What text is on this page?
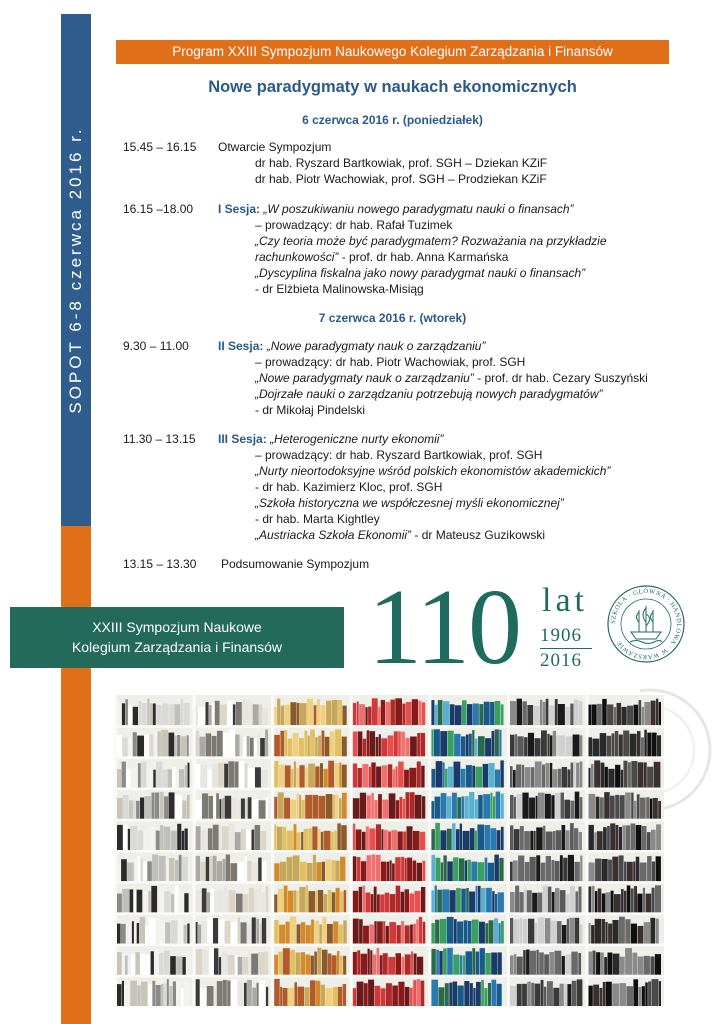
SOPOT 6-8 czerwca 2016 r.
Program XXIII Sympozjum Naukowego Kolegium Zarządzania i Finansów
Nowe paradygmaty w naukach ekonomicznych
6 czerwca 2016 r. (poniedziałek)
15.45 – 16.15 Otwarcie Sympozjum
dr hab. Ryszard Bartkowiak, prof. SGH – Dziekan KZiF
dr hab. Piotr Wachowiak, prof. SGH – Prodziekan KZiF
16.15 –18.00 I Sesja: „W poszukiwaniu nowego paradygmatu nauki o finansach”
– prowadzący: dr hab. Rafał Tuzimek
„Czy teoria może być paradygmatem? Rozważania na przykładzie
rachunkowości” - prof. dr hab. Anna Karmańska
„Dyscyplina fiskalna jako nowy paradygmat nauki o finansach”
- dr Elżbieta Malinowska-Misiąg
7 czerwca 2016 r. (wtorek)
9.30 – 11.00 II Sesja: „Nowe paradygmaty nauk o zarządzaniu”
– prowadzący: dr hab. Piotr Wachowiak, prof. SGH
„Nowe paradygmaty nauk o zarządzaniu” - prof. dr hab. Cezary Suszyński
„Dojrzałe nauki o zarządzaniu potrzebują nowych paradygmatów”
- dr Mikołaj Pindelski
11.30 – 13.15 III Sesja: „Heterogeniczne nurty ekonomii”
– prowadzący: dr hab. Ryszard Bartkowiak, prof. SGH
„Nurty nieortodoksyjne wśród polskich ekonomistów akademickich”
- dr hab. Kazimierz Kloc, prof. SGH
„Szkoła historyczna we współczesnej myśli ekonomicznej”
- dr hab. Marta Kightley
„Austriacka Szkoła Ekonomii” - dr Mateusz Guzikowski
13.15 – 13.30 Podsumowanie Sympozjum
XXIII Sympozjum Naukowe
Kolegium Zarządzania i Finansów 110 lat
1906
2016
SZKOŁA · GŁÓWNA · HANDLOWA · W WARSZAWIE
